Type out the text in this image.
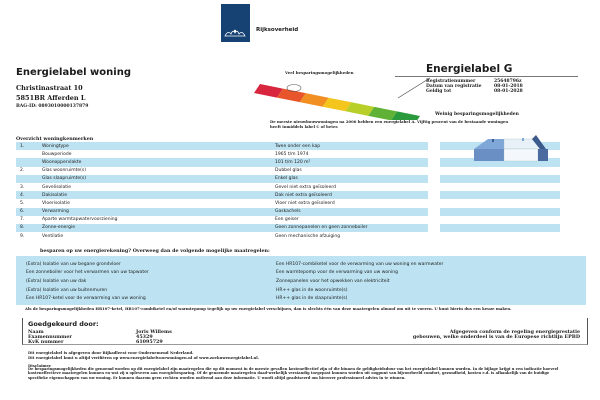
Rijksoverheid
Energielabel woning
Christinastraat 10
5851BR Afferden L
BAG-ID: 0893010000137879
Veel besparingsmogelijkheden
Weinig besparingsmogelijkheden
Energielabel G
Registratienummer	25648796z
Datum van registratie	08-01-2018
Geldig tot	08-01-2028
De meeste nieuwbouwwoningen na 2006 hebben een energielabel A. Vijftig procent van de bestaande woningen heeft inmiddels label C of beter.
Overzicht woningkenmerken
1.	Woningtype	Twee onder een kap
Bouwperiode	1965 t/m 1974
Woonoppervlakte	101 t/m 120 m²
2.	Glas woonruimte(s)	Dubbel glas
Glas slaapruimte(s)	Enkel glas
3.	Gevelisolatie	Gevel niet extra geïsoleerd
4.	Dakisolatie	Dak niet extra geïsoleerd
5.	Vloerisolatie	Vloer niet extra geïsoleerd
6.	Verwarming	Gaskachels
7.	Aparte warmtapwatervoorziening	Een geiser
8.	Zonne-energie	Geen zonnepanelen en geen zonneboiler
9.	Ventilatie	Geen mechanische afzuiging
besparen op uw energierekening? Overweeg dan de volgende mogelijke maatregelen:
(Extra) Isolatie van uw begane grondvloer	Een HR107-combiketel voor de verwarming van uw woning en warmwater
Een zonneboiler voor het verwarmen van uw tapwater	Een warmtepomp voor de verwarming van uw woning
(Extra) Isolatie van uw dak	Zonnepanelen voor het opwekken van elektriciteit
(Extra) Isolatie van uw buitenmuren	HR++ glas in de woonruimte(s)
Een HR107-ketel voor de verwarming van uw woning	HR++ glas in de slaapruimte(s)
Als de besparingsmogelijkheden HR107-ketel, HR107-combiketel en/of warmtepomp tegelijk op uw energielabel verschijnen, dan is slechts één van deze maatregelen almoof om uit te voeren. U kunt hierin dus een keuze maken.
Goedgekeurd door:
Naam	Joris Willems
Examennummer	45329
KvK nummer	61095729
Afgegeven conform de regeling energieprestatie
gebouwen, welke onderdeel is van de Europese richtlijn EPBD
Dit energielabel is afgegeven door Bijkadleest voor Ondernemend Nederland.
Dit energielabel kunt u altijd verifiëren op www.energielabelvoorwoningen.nl of www.zoekuwenergielabel.nl.
Disclaimer
De besparingsmogelijkheden die genoemd worden op dit energielabel zijn maatregelen die op dit moment in de meeste gevallen kosteneffectief zijn of die binnen de geldigheidsduur van het energielabel kunnen worden. In de bijlage krijgt u een indicatie hoeveel kosteneffectieve maatregelen kunnen en wat zij u opleveren aan energiebesparing. Of de genoemde maatregelen daad-werkelijk verstandig toegepast kunnen worden uit oogpunt van bijvoorbeeld comfort, gezondheid, kosten e.d. is afhankelijk van de huidige specifieke eigenschappen van uw woning. Er kunnen daarom geen rechten worden ontleend aan deze informatie. U wordt altijd geadviseerd om hierover professioneel advies in te winnen.
